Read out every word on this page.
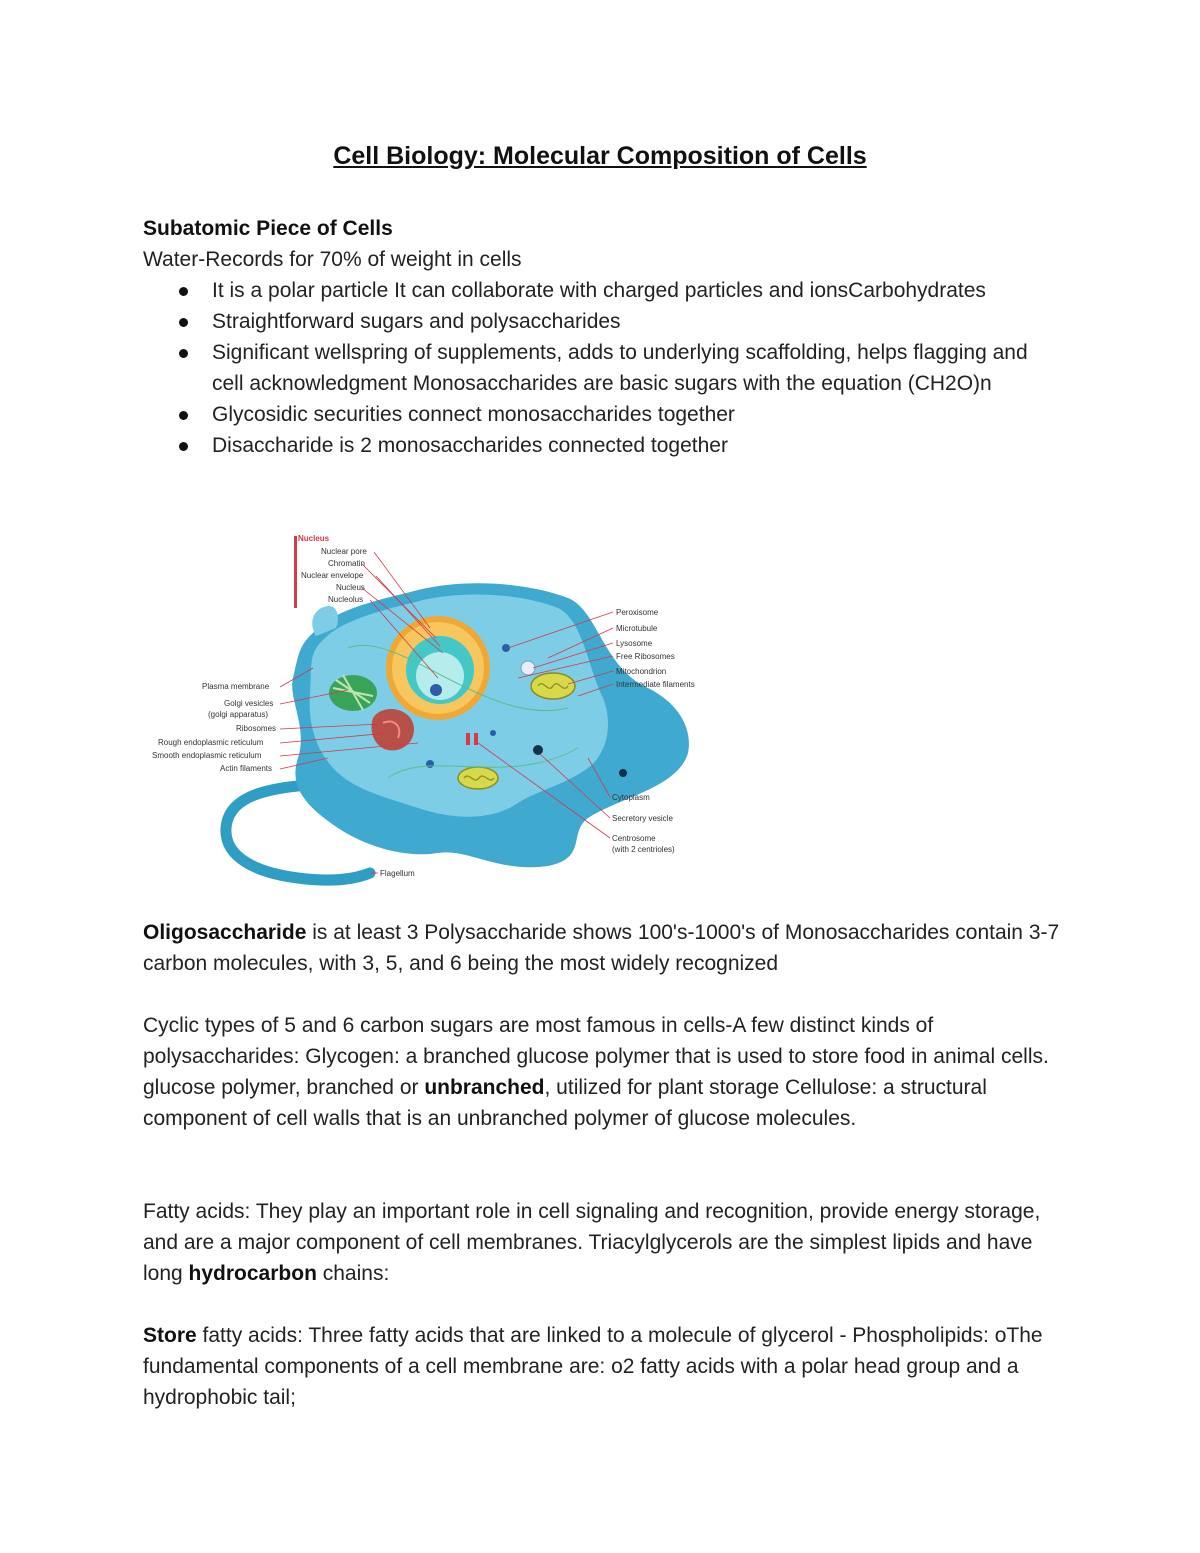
Cell Biology: Molecular Composition of Cells

Subatomic Piece of Cells

Water-Records for 70% of weight in cells

It is a polar particle It can collaborate with charged particles and ionsCarbohydrates
Straightforward sugars and polysaccharides
Significant wellspring of supplements, adds to underlying scaffolding, helps flagging and cell acknowledgment Monosaccharides are basic sugars with the equation (CH2O)n
Glycosidic securities connect monosaccharides together
Disaccharide is 2 monosaccharides connected together
Nucleus
Nuclear pore
Chromatin
Nuclear envelope
Nucleus
Nucleolus
Plasma membrane
Golgi vesicles
(golgi apparatus)
Ribosomes
Rough endoplasmic reticulum
Smooth endoplasmic reticulum
Actin filaments
Peroxisome
Microtubule
Lysosome
Free Ribosomes
Mitochondrion
Intermediate filaments
Cytoplasm
Secretory vesicle
Centrosome
(with 2 centrioles)
Flagellum

Oligosaccharide is at least 3 Polysaccharide shows 100's-1000's of Monosaccharides contain 3-7 carbon molecules, with 3, 5, and 6 being the most widely recognized

Cyclic types of 5 and 6 carbon sugars are most famous in cells-A few distinct kinds of polysaccharides: Glycogen: a branched glucose polymer that is used to store food in animal cells. glucose polymer, branched or unbranched, utilized for plant storage Cellulose: a structural component of cell walls that is an unbranched polymer of glucose molecules.

Fatty acids: They play an important role in cell signaling and recognition, provide energy storage, and are a major component of cell membranes. Triacylglycerols are the simplest lipids and have long hydrocarbon chains:

Store fatty acids: Three fatty acids that are linked to a molecule of glycerol - Phospholipids: oThe fundamental components of a cell membrane are: o2 fatty acids with a polar head group and a hydrophobic tail;
